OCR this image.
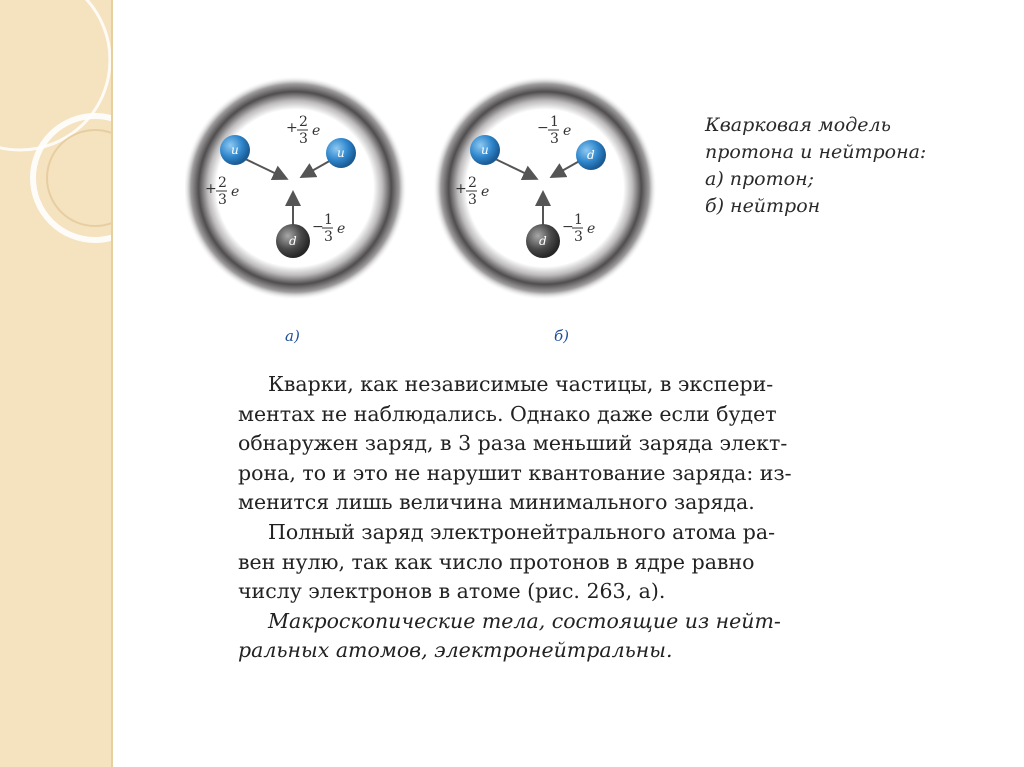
u	u
d
+ 2
3 e
+ 2
3 e
− 1
3 e
u	d
d
− 1
3 e
+ 2
3 e
− 1
3 e
а)	б)
Кварковая модель
протона и нейтрона:
а) протон;
б) нейтрон
Кварки, как независимые частицы, в экспери-
ментах не наблюдались. Однако даже если будет
обнаружен заряд, в 3 раза меньший заряда элект-
рона, то и это не нарушит квантование заряда: из-
менится лишь величина минимального заряда.
Полный заряд электронейтрального атома ра-
вен нулю, так как число протонов в ядре равно
числу электронов в атоме (рис. 263, а).
Макроскопические тела, состоящие из нейт-
ральных атомов, электронейтральны.
